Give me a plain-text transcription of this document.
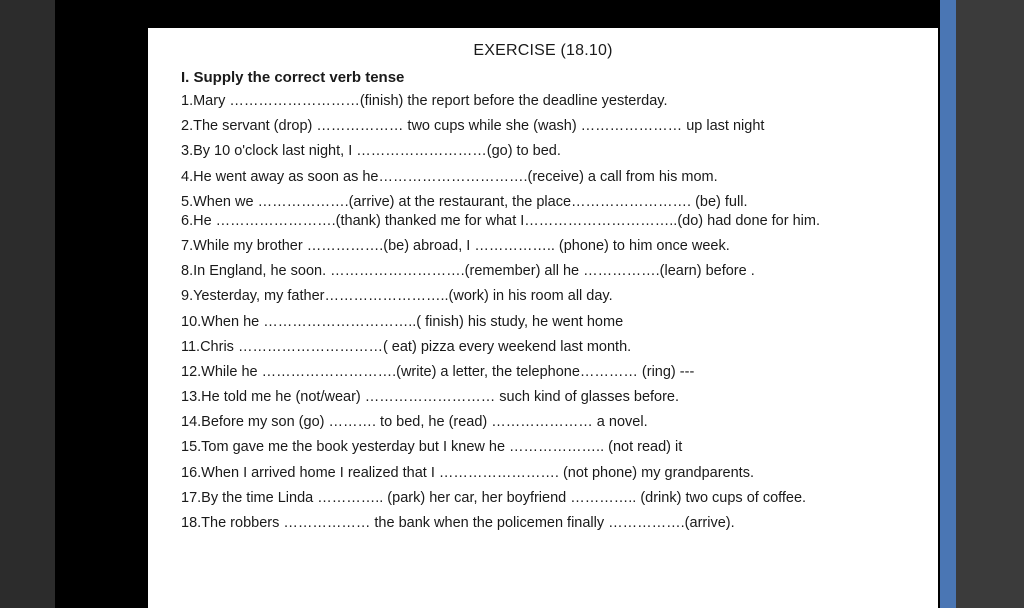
EXERCISE (18.10)
I. Supply the correct verb tense
1.Mary ………………………(finish) the report before the deadline yesterday.
2.The servant (drop) ……………… two cups while she (wash) ………………… up last night
3.By 10 o'clock last night, I ………………………(go) to bed.
4.He went away as soon as he………………………….(receive) a call from his mom.
5.When we ……………….(arrive) at the restaurant, the place……………………. (be) full.
6.He …………………….(thank) thanked me for what I…………………………..(do) had done for him.
7.While my brother …………….(be) abroad, I …………….. (phone) to him once week.
8.In England, he soon. ……………………….(remember) all he …………….(learn) before .
9.Yesterday, my father……………………..(work) in his room all day.
10.When he …………………………..( finish) his study, he went home
11.Chris …………………………( eat) pizza every weekend last month.
12.While he ……………………….(write) a letter, the telephone………… (ring) ---
13.He told me he (not/wear) ……………………… such kind of glasses before.
14.Before my son (go) ………. to bed, he (read) ………………… a novel.
15.Tom gave me the book yesterday but I knew he ……………….. (not read) it
16.When I arrived home I realized that I ……………………. (not phone) my grandparents.
17.By the time Linda ………….. (park) her car, her boyfriend ………….. (drink) two cups of coffee.
18.The robbers ……………… the bank when the policemen finally …………….(arrive).
